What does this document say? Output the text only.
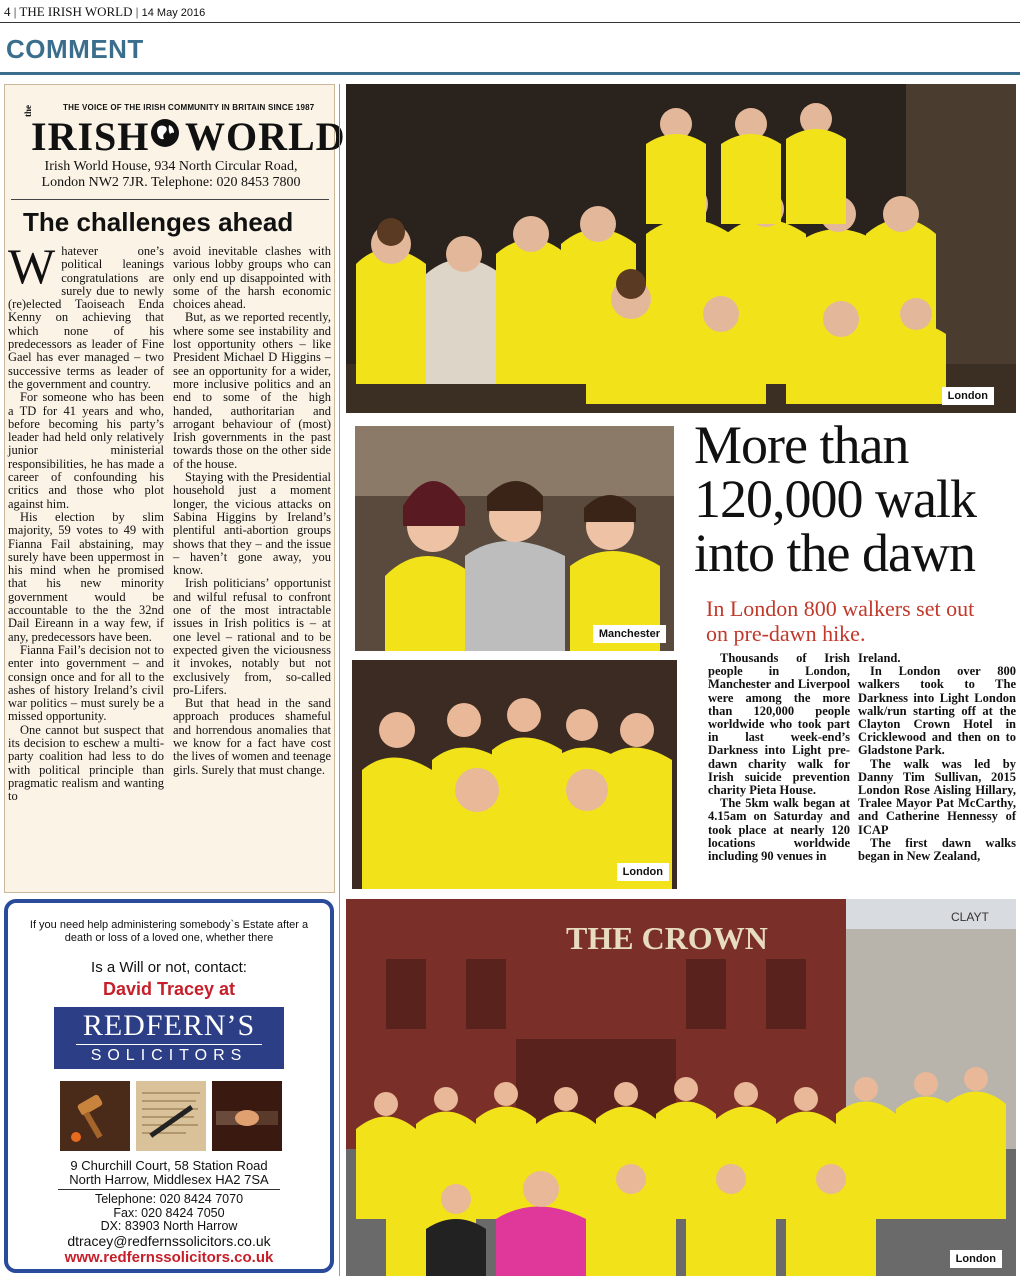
4 | THE IRISH WORLD | 14 May 2016
COMMENT
THE VOICE OF THE IRISH COMMUNITY IN BRITAIN SINCE 1987
the
IRISH WORLD
Irish World House, 934 North Circular Road,
London NW2 7JR. Telephone: 020 8453 7800
The challenges ahead

Whatever one’s political leanings congratulations are surely due to newly (re)elected Taoiseach Enda Kenny on achieving that which none of his predecessors as leader of Fine Gael has ever managed – two successive terms as leader of the government and country.

For someone who has been a TD for 41 years and who, before becoming his party’s leader had held only relatively junior ministerial responsibilities, he has made a career of confounding his critics and those who plot against him.

His election by slim majority, 59 votes to 49 with Fianna Fail abstaining, may surely have been uppermost in his mind when he promised that his new minority government would be accountable to the the 32nd Dail Eireann in a way few, if any, predecessors have been.

Fianna Fail’s decision not to enter into government – and consign once and for all to the ashes of history Ireland’s civil war politics – must surely be a missed opportunity.

One cannot but suspect that its decision to eschew a multi-party coalition had less to do with political principle than pragmatic realism and wanting to

avoid inevitable clashes with various lobby groups who can only end up disappointed with some of the harsh economic choices ahead.

But, as we reported recently, where some see instability and lost opportunity others – like President Michael D Higgins – see an opportunity for a wider, more inclusive politics and an end to some of the high handed, authoritarian and arrogant behaviour of (most) Irish governments in the past towards those on the other side of the house.

Staying with the Presidential household just a moment longer, the vicious attacks on Sabina Higgins by Ireland’s plentiful anti-abortion groups shows that they – and the issue – haven’t gone away, you know.

Irish politicians’ opportunist and wilful refusal to confront one of the most intractable issues in Irish politics is – at one level – rational and to be expected given the viciousness it invokes, notably but not exclusively from, so-called pro-Lifers.

But that head in the sand approach produces shameful and horrendous anomalies that we know for a fact have cost the lives of women and teenage girls. Surely that must change.

If you need help administering somebody`s Estate after a death or loss of a loved one, whether there
Is a Will or not, contact:
David Tracey at
REDFERN’S
SOLICITORS
9 Churchill Court, 58 Station Road
North Harrow, Middlesex HA2 7SA
Telephone: 020 8424 7070
Fax: 020 8424 7050
DX: 83903 North Harrow
dtracey@redfernssolicitors.co.uk
www.redfernssolicitors.co.uk
London
Manchester
London
More than
120,000 walk
into the dawn
In London 800 walkers set out on pre-dawn hike.

Thousands of Irish people in London, Manchester and Liverpool were among the more than 120,000 people worldwide who took part in last week-end’s Darkness into Light pre-dawn charity walk for Irish suicide prevention charity Pieta House.

The 5km walk began at 4.15am on Saturday and took place at nearly 120 locations worldwide including 90 venues in

Ireland.

In London over 800 walkers took to The Darkness into Light London walk/run starting off at the Clayton Crown Hotel in Cricklewood and then on to Gladstone Park.

The walk was led by Danny Tim Sullivan, 2015 London Rose Aisling Hillary, Tralee Mayor Pat McCarthy, and Catherine Hennessy of ICAP

The first dawn walks began in New Zealand,

THE CROWN
CLAYT
London
